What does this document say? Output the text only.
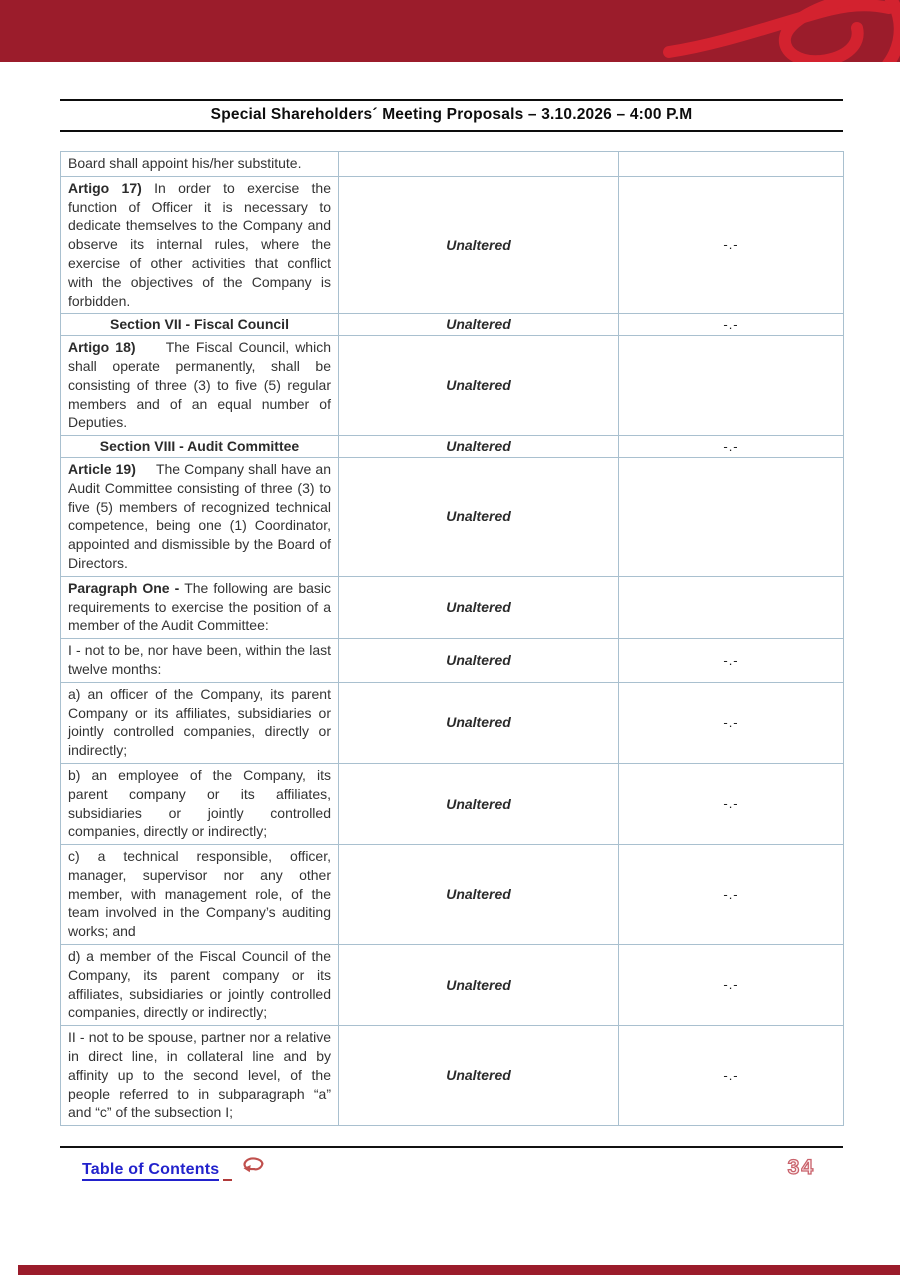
Special Shareholders´ Meeting Proposals – 3.10.2026 – 4:00 P.M
Board shall appoint his/her substitute.		
Artigo 17) In order to exercise the function of Officer it is necessary to dedicate themselves to the Company and observe its internal rules, where the exercise of other activities that conflict with the objectives of the Company is forbidden.	Unaltered	-.-
Section VII - Fiscal Council	Unaltered	-.-
Artigo 18)     The Fiscal Council, which shall operate permanently, shall be consisting of three (3) to five (5) regular members and of an equal number of Deputies.	Unaltered	
Section VIII - Audit Committee	Unaltered	-.-
Article 19)     The Company shall have an Audit Committee consisting of three (3) to five (5) members of recognized technical competence, being one (1) Coordinator, appointed and dismissible by the Board of Directors.	Unaltered	
Paragraph One - The following are basic requirements to exercise the position of a member of the Audit Committee:	Unaltered	
I - not to be, nor have been, within the last twelve months:	Unaltered	-.-
a) an officer of the Company, its parent Company or its affiliates, subsidiaries or jointly controlled companies, directly or indirectly;	Unaltered	-.-
b) an employee of the Company, its parent company or its affiliates, subsidiaries or jointly controlled companies, directly or indirectly;	Unaltered	-.-
c) a technical responsible, officer, manager, supervisor nor any other member, with management role, of the team involved in the Company’s auditing works; and	Unaltered	-.-
d) a member of the Fiscal Council of the Company, its parent company or its affiliates, subsidiaries or jointly controlled companies, directly or indirectly;	Unaltered	-.-
II - not to be spouse, partner nor a relative in direct line, in collateral line and by affinity up to the second level, of the people referred to in subparagraph “a” and “c” of the subsection I;	Unaltered	-.-
Table of Contents	34
